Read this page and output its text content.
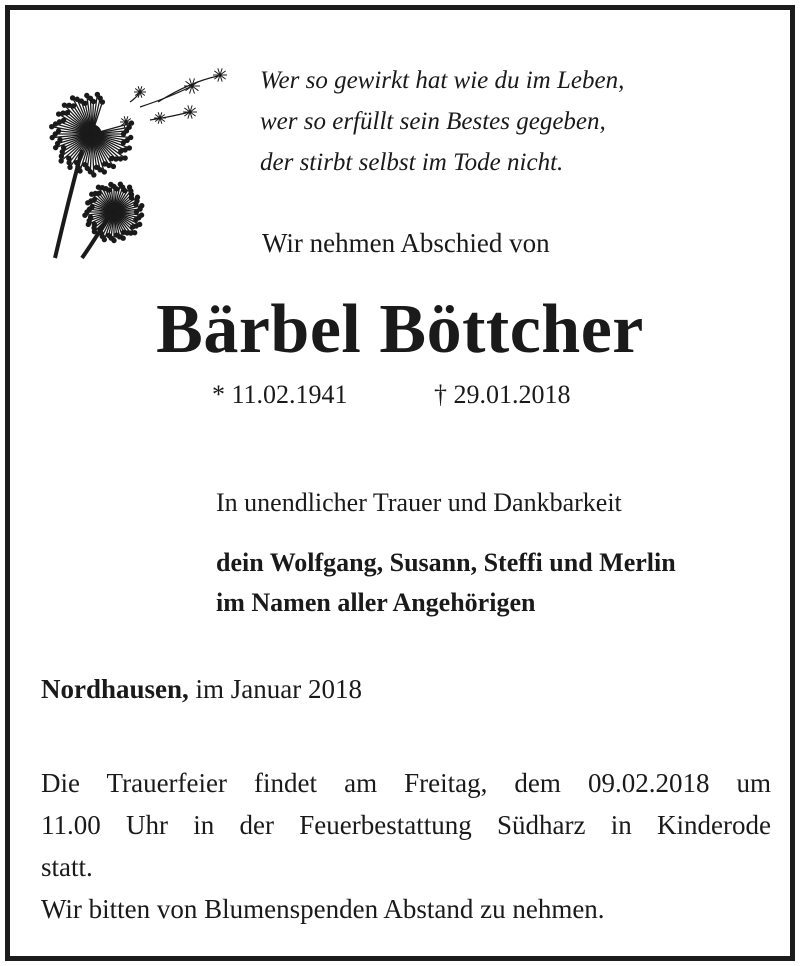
Wer so gewirkt hat wie du im Leben,
wer so erfüllt sein Bestes gegeben,
der stirbt selbst im Tode nicht.
Wir nehmen Abschied von
Bärbel Böttcher
* 11.02.1941	† 29.01.2018
In unendlicher Trauer und Dankbarkeit
dein Wolfgang, Susann, Steffi und Merlin
im Namen aller Angehörigen
Nordhausen, im Januar 2018
Die Trauerfeier findet am Freitag, dem 09.02.2018 um
11.00 Uhr in der Feuerbestattung Südharz in Kinderode
statt.
Wir bitten von Blumenspenden Abstand zu nehmen.
